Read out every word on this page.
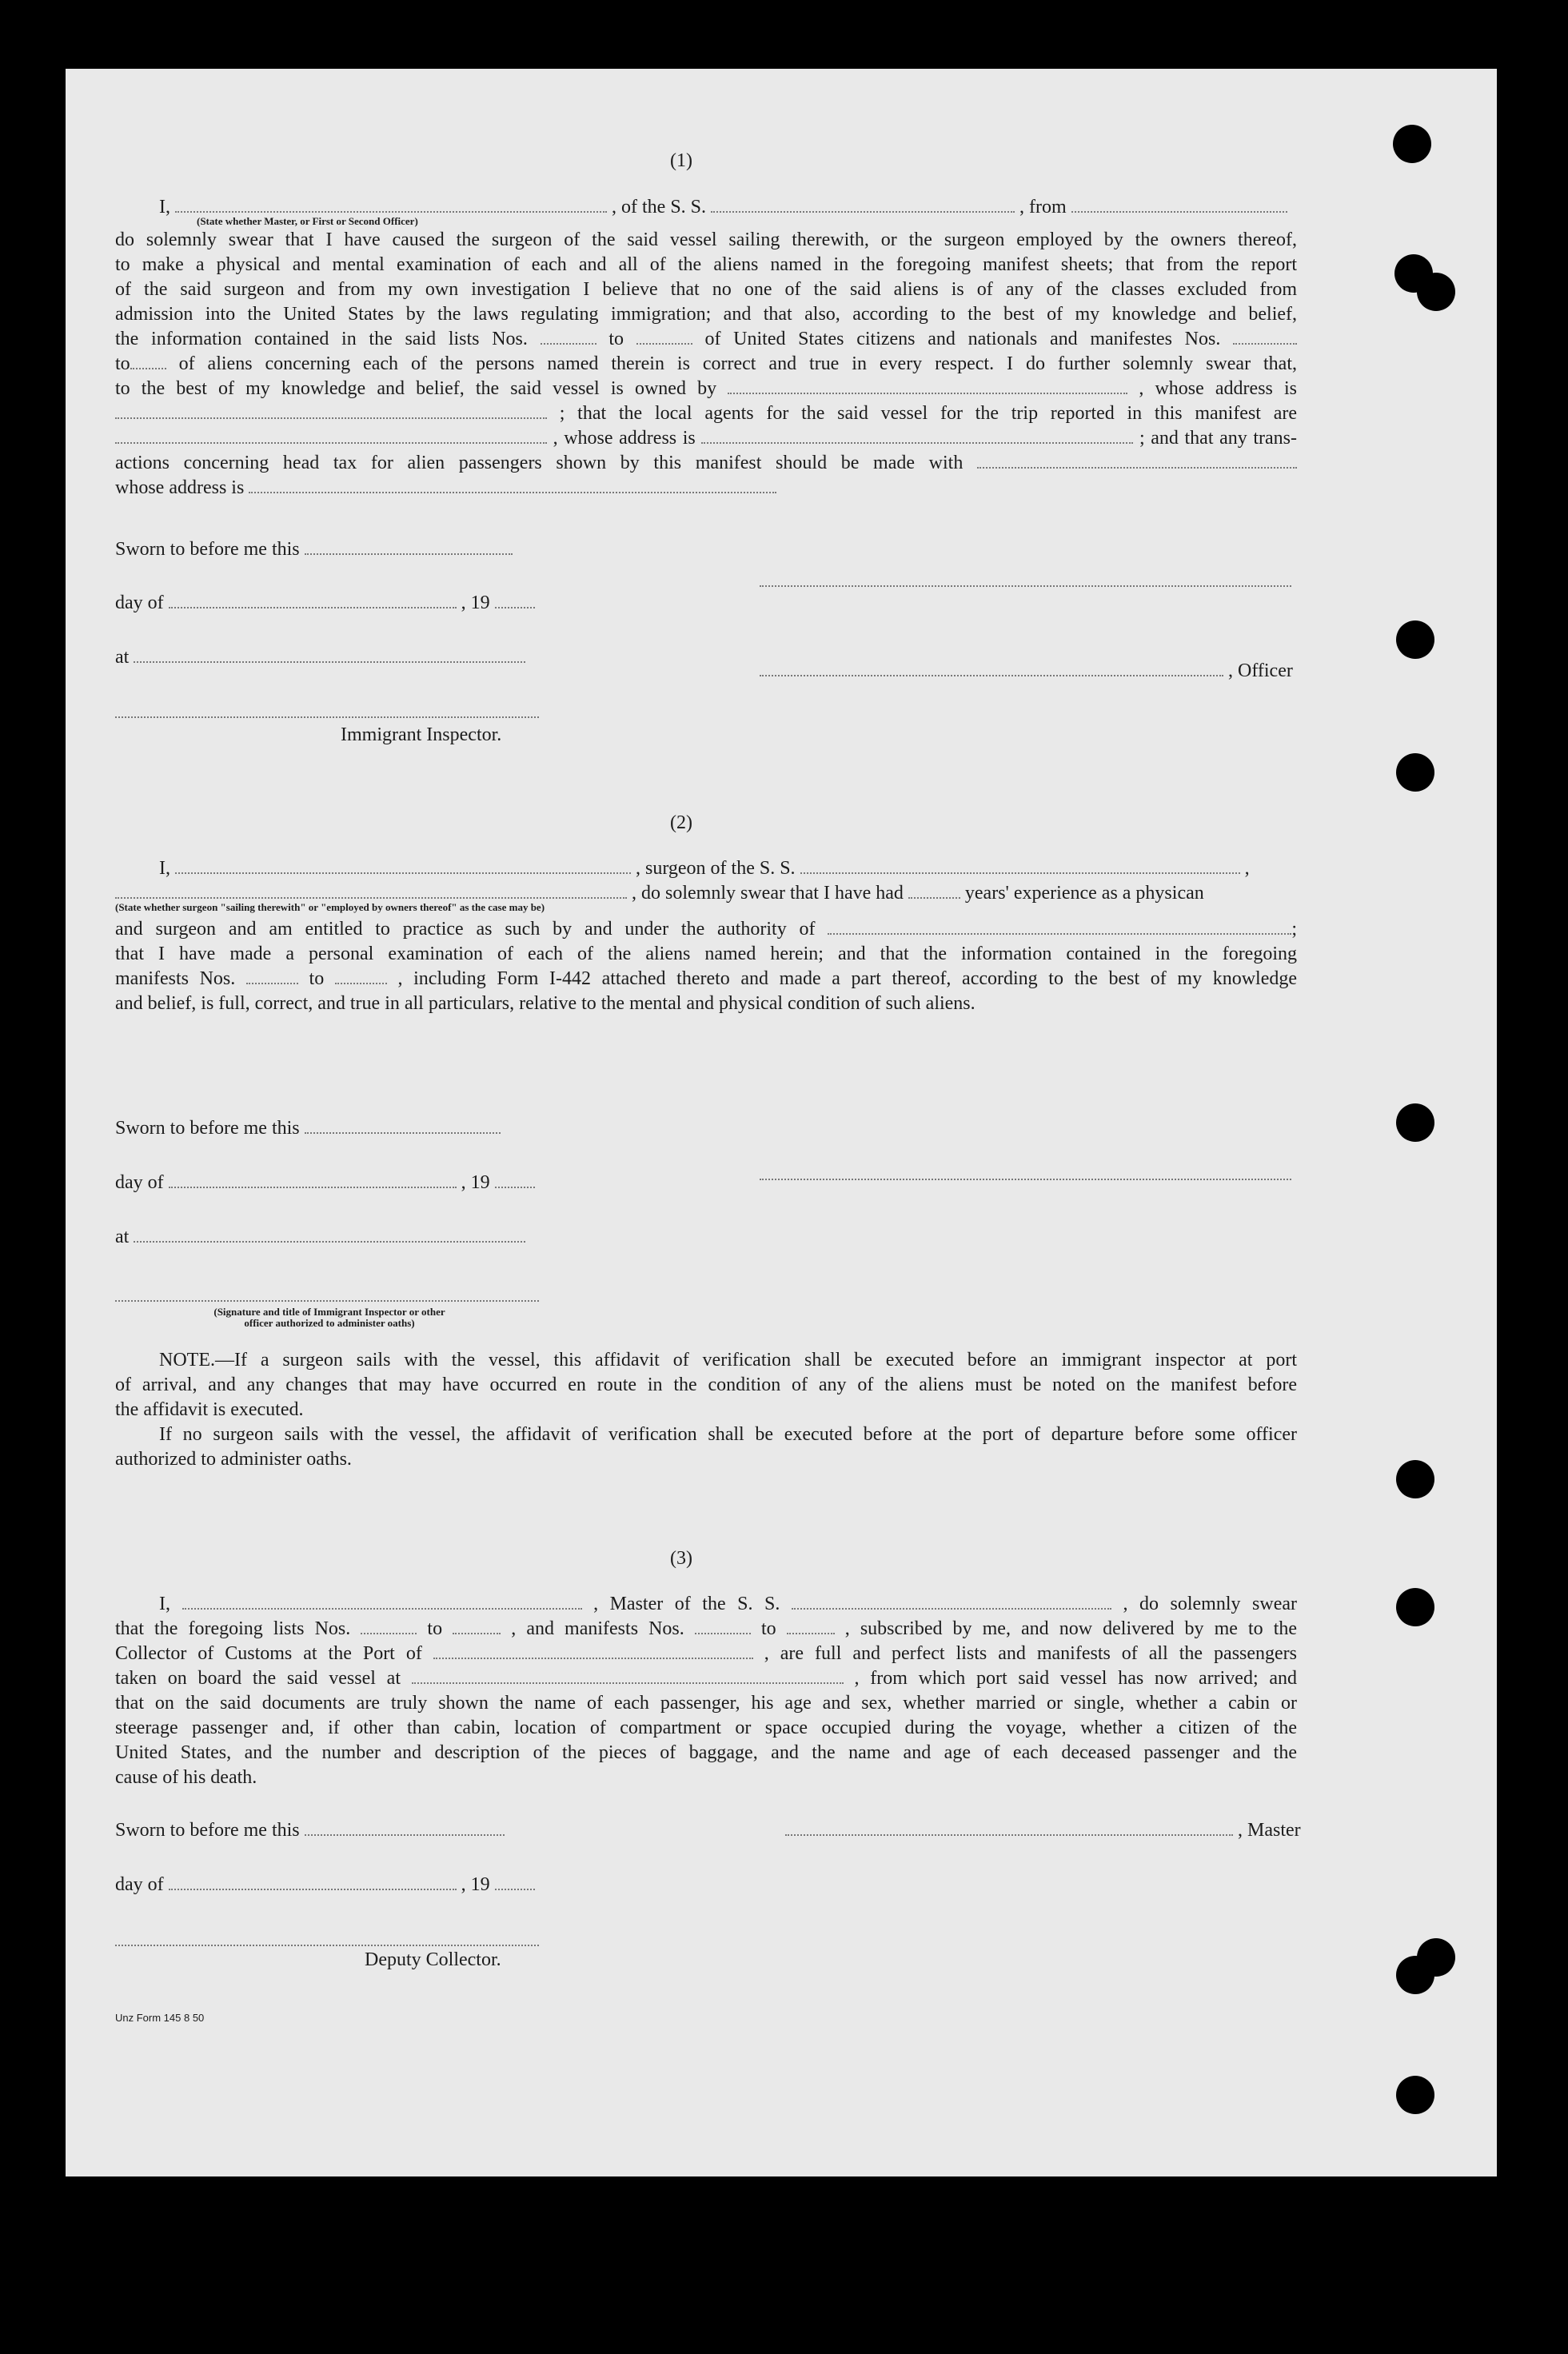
(1)
I,	, of the S. S.	, from
(State whether Master, or First or Second Officer)
do solemnly swear that I have caused the surgeon of the said vessel sailing therewith, or the surgeon employed by the owners thereof,
to make a physical and mental examination of each and all of the aliens named in the foregoing manifest sheets; that from the report
of the said surgeon and from my own investigation I believe that no one of the said aliens is of any of the classes excluded from
admission into the United States by the laws regulating immigration; and that also, according to the best of my knowledge and belief,
the information contained in the said lists Nos.	to	of United States citizens and nationals and manifestes Nos.
to	of aliens concerning each of the persons named therein is correct and true in every respect. I do further solemnly swear that,
to the best of my knowledge and belief, the said vessel is owned by	, whose address is
; that the local agents for the said vessel for the trip reported in this manifest are
, whose address is	; and that any trans-
actions concerning head tax for alien passengers shown by this manifest should be made with
whose address is
Sworn to before me this
day of	, 19
at
, Officer
Immigrant Inspector.
(2)
I,	, surgeon of the S. S.	,
, do solemnly swear that I have had	years' experience as a physican
(State whether surgeon "sailing therewith" or "employed by owners thereof" as the case may be)
and surgeon and am entitled to practice as such by and under the authority of	;
that I have made a personal examination of each of the aliens named herein; and that the information contained in the foregoing
manifests Nos.	to	, including Form I-442 attached thereto and made a part thereof, according to the best of my knowledge
and belief, is full, correct, and true in all particulars, relative to the mental and physical condition of such aliens.
Sworn to before me this
day of	, 19
at
(Signature and title of Immigrant Inspector or other
officer authorized to administer oaths)
NOTE.—If a surgeon sails with the vessel, this affidavit of verification shall be executed before an immigrant inspector at port
of arrival, and any changes that may have occurred en route in the condition of any of the aliens must be noted on the manifest before
the affidavit is executed.
If no surgeon sails with the vessel, the affidavit of verification shall be executed before at the port of departure before some officer
authorized to administer oaths.
(3)
I,	, Master of the S. S.	, do solemnly swear
that the foregoing lists Nos.	to	, and manifests Nos.	to	, subscribed by me, and now delivered by me to the
Collector of Customs at the Port of	, are full and perfect lists and manifests of all the passengers
taken on board the said vessel at	, from which port said vessel has now arrived; and
that on the said documents are truly shown the name of each passenger, his age and sex, whether married or single, whether a cabin or
steerage passenger and, if other than cabin, location of compartment or space occupied during the voyage, whether a citizen of the
United States, and the number and description of the pieces of baggage, and the name and age of each deceased passenger and the
cause of his death.
Sworn to before me this	, Master
day of	, 19
Deputy Collector.
Unz Form 145 8 50
